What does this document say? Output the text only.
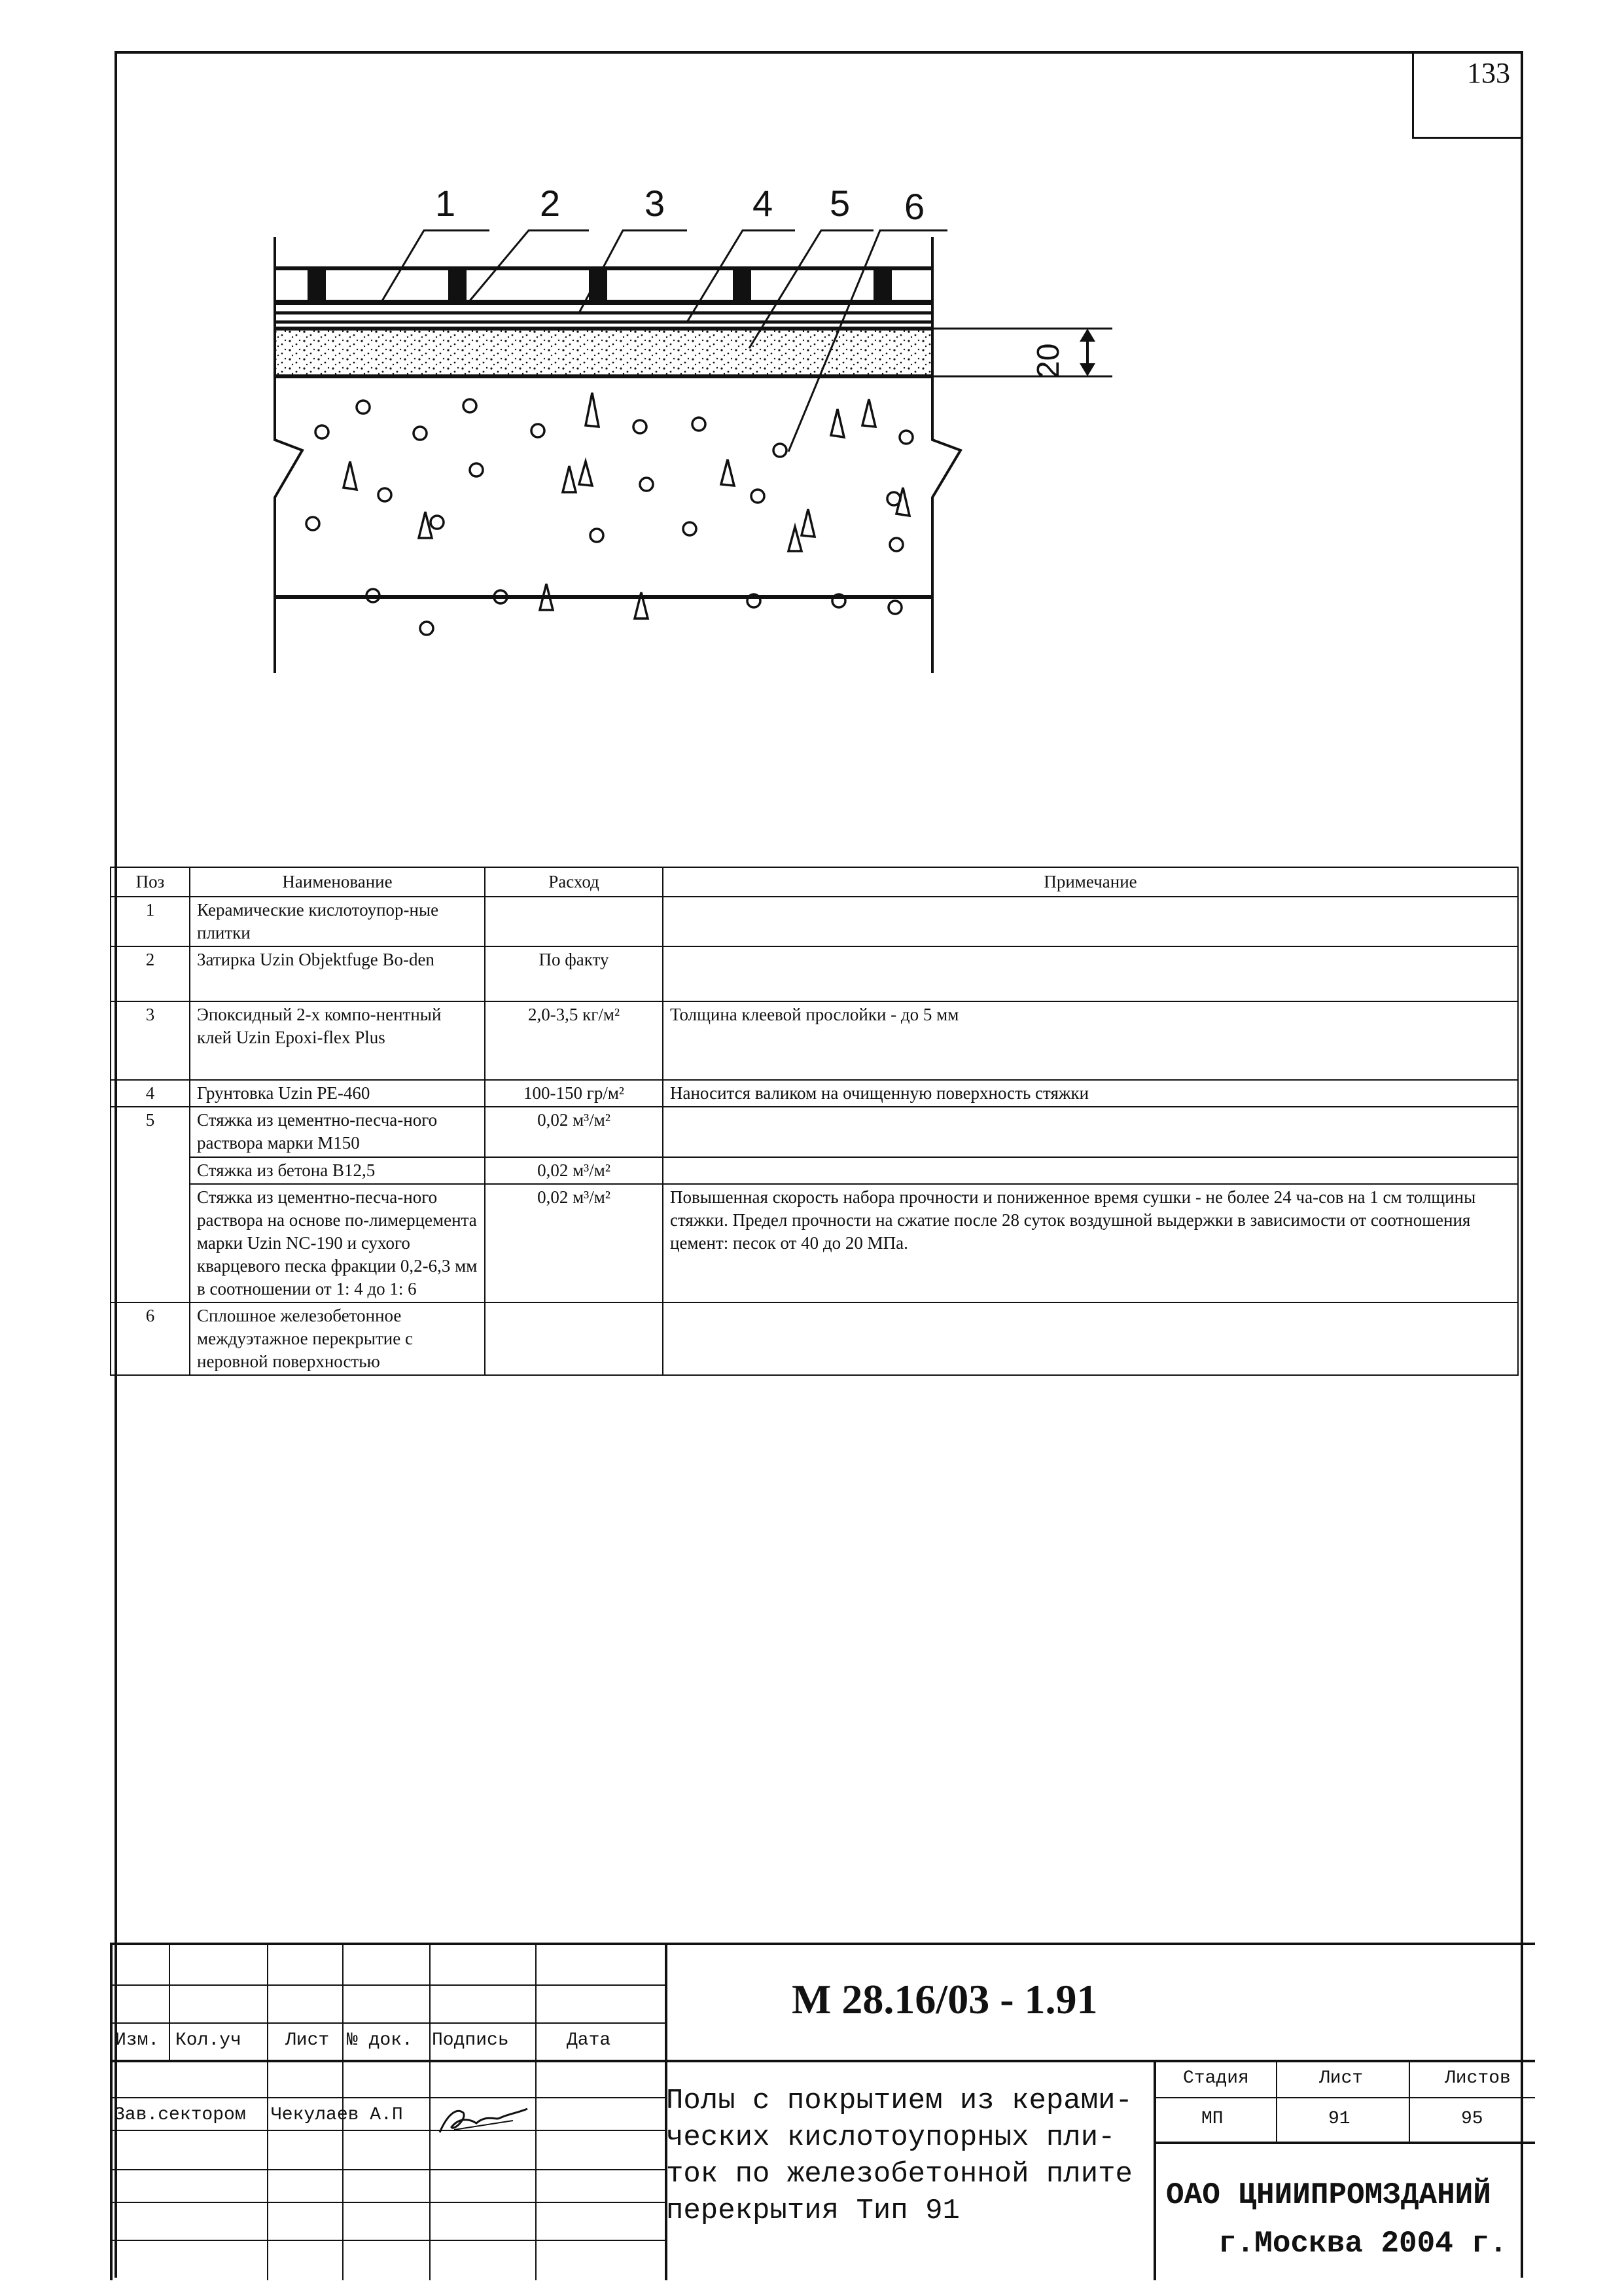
133
1 2 3 4 5 6
20
Поз	Наименование	Расход	Примечание
1	Керамические кислотоупор-ные плитки		
2	Затирка Uzin Objektfuge Bo-den	По факту	
3	Эпоксидный 2-х компо-нентный клей Uzin Epoxi-flex Plus	2,0-3,5 кг/м²	Толщина клеевой прослойки - до 5 мм
4	Грунтовка Uzin PE-460	100-150 гр/м²	Наносится валиком на очищенную поверхность стяжки
5	Стяжка из цементно-песча-ного раствора марки М150	0,02 м³/м²	
	Стяжка из бетона В12,5	0,02 м³/м²	
	Стяжка из цементно-песча-ного раствора на основе по-лимерцемента марки Uzin NC-190 и сухого кварцевого песка фракции 0,2-6,3 мм в соотношении от 1: 4 до 1: 6	0,02 м³/м²	Повышенная скорость набора прочности и пониженное время сушки - не более 24 ча-сов на 1 см толщины стяжки. Предел прочности на сжатие после 28 суток воздушной выдержки в зависимости от соотношения цемент: песок от 40 до 20 МПа.
6	Сплошное железобетонное междуэтажное перекрытие с неровной поверхностью		
Изм. Кол.уч Лист № док. Подпись	Дата
Зав.сектором Чекулаев А.П
Стадия	Лист	Листов
МП	91	95
М 28.16/03 - 1.91
Полы с покрытием из керами-
ческих кислотоупорных пли-
ток по железобетонной плите
перекрытия Тип 91	ОАО ЦНИИПРОМЗДАНИЙ
г.Москва 2004 г.
